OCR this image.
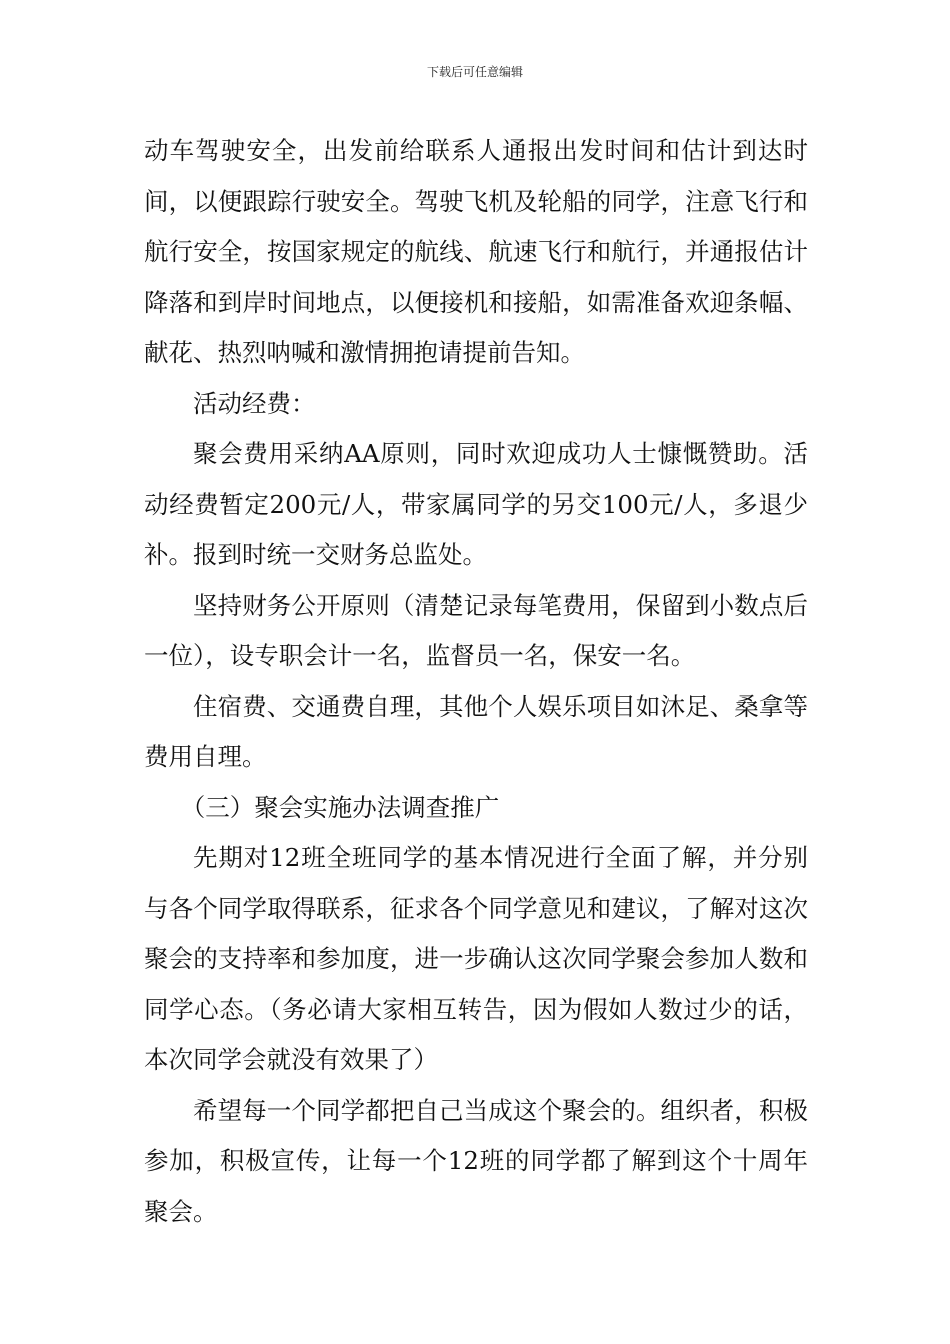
下载后可任意编辑

动车驾驶安全，出发前给联系人通报出发时间和估计到达时间，以便跟踪行驶安全。驾驶飞机及轮船的同学，注意飞行和航行安全，按国家规定的航线、航速飞行和航行，并通报估计降落和到岸时间地点，以便接机和接船，如需准备欢迎条幅、献花、热烈呐喊和激情拥抱请提前告知。

活动经费：

聚会费用采纳AA原则，同时欢迎成功人士慷慨赞助。活动经费暂定200元/人，带家属同学的另交100元/人，多退少补。报到时统一交财务总监处。

坚持财务公开原则（清楚记录每笔费用，保留到小数点后一位），设专职会计一名，监督员一名，保安一名。

住宿费、交通费自理，其他个人娱乐项目如沐足、桑拿等费用自理。

（三）聚会实施办法调查推广

先期对12班全班同学的基本情况进行全面了解，并分别与各个同学取得联系，征求各个同学意见和建议，了解对这次聚会的支持率和参加度，进一步确认这次同学聚会参加人数和同学心态。（务必请大家相互转告，因为假如人数过少的话，本次同学会就没有效果了）

希望每一个同学都把自己当成这个聚会的。组织者，积极参加，积极宣传，让每一个12班的同学都了解到这个十周年聚会。
